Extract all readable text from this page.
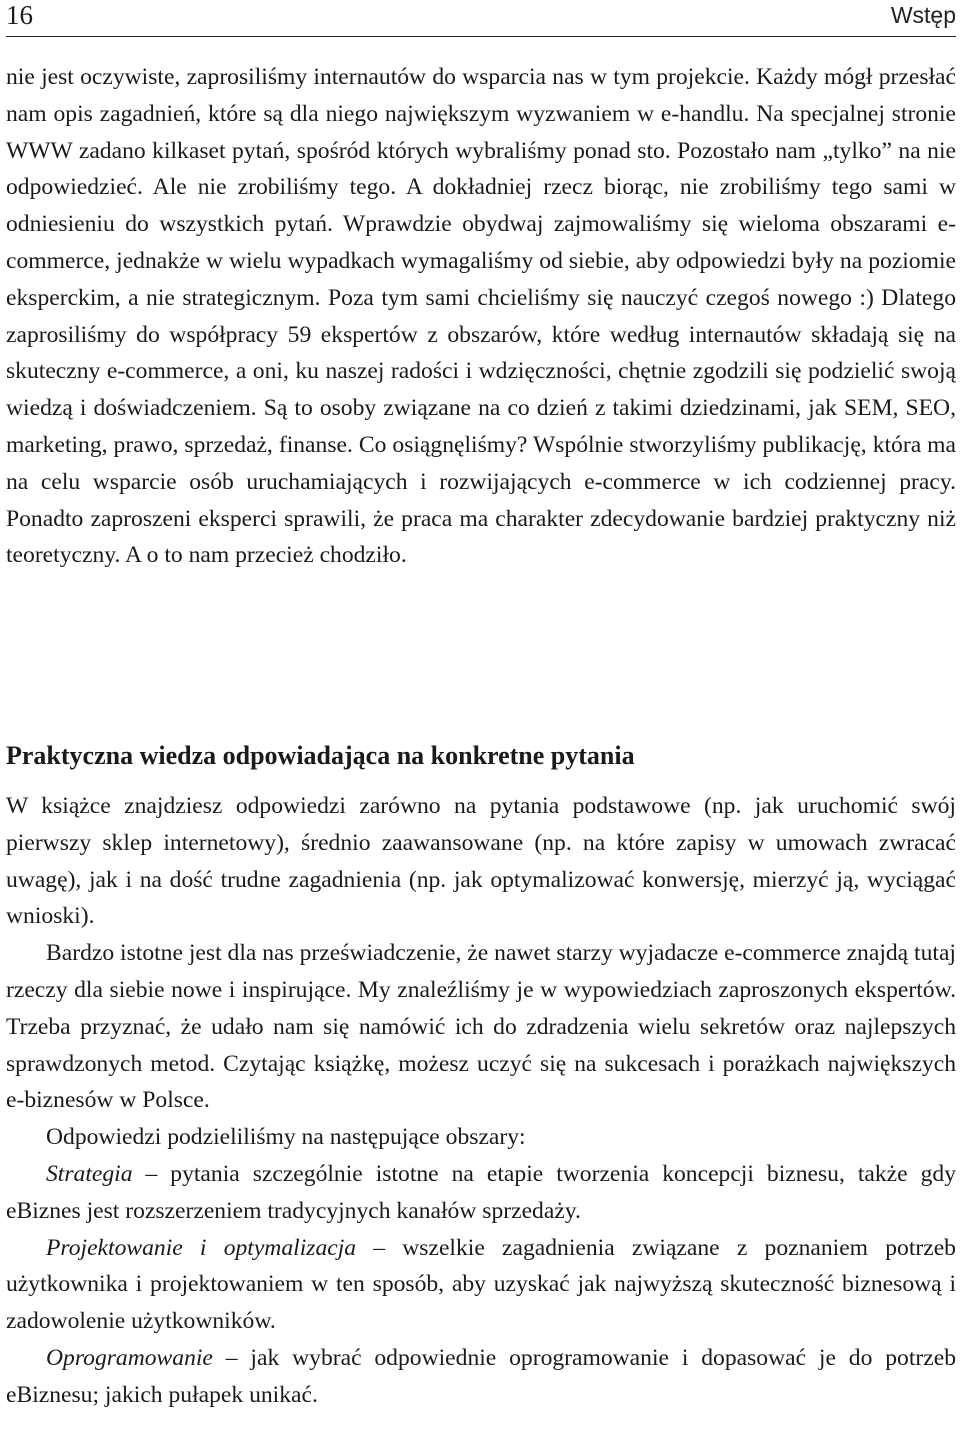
16	Wstęp

nie jest oczywiste, zaprosiliśmy internautów do wsparcia nas w tym projekcie. Każdy mógł przesłać nam opis zagadnień, które są dla niego największym wyzwaniem w e-handlu. Na specjalnej stronie WWW zadano kilkaset pytań, spośród których wybraliśmy ponad sto. Pozostało nam „tylko” na nie odpowiedzieć. Ale nie zrobiliśmy tego. A dokładniej rzecz biorąc, nie zrobiliśmy tego sami w odniesieniu do wszystkich pytań. Wprawdzie obydwaj zajmowaliśmy się wieloma obszarami e-commerce, jednakże w wielu wypadkach wymagaliśmy od siebie, aby odpowiedzi były na poziomie eksperckim, a nie strategicznym. Poza tym sami chcieliśmy się nauczyć czegoś nowego :) Dlatego zaprosiliśmy do współpracy 59 ekspertów z obszarów, które według internautów składają się na skuteczny e-commerce, a oni, ku naszej radości i wdzięczności, chętnie zgodzili się podzielić swoją wiedzą i doświadczeniem. Są to osoby związane na co dzień z takimi dziedzinami, jak SEM, SEO, marketing, prawo, sprzedaż, finanse. Co osiągnęliśmy? Wspólnie stworzyliśmy publikację, która ma na celu wsparcie osób uruchamiających i rozwijających e-commerce w ich codziennej pracy. Ponadto zaproszeni eksperci sprawili, że praca ma charakter zdecydowanie bardziej praktyczny niż teoretyczny. A o to nam przecież chodziło.

Praktyczna wiedza odpowiadająca na konkretne pytania

W książce znajdziesz odpowiedzi zarówno na pytania podstawowe (np. jak uruchomić swój pierwszy sklep internetowy), średnio zaawansowane (np. na które zapisy w umowach zwracać uwagę), jak i na dość trudne zagadnienia (np. jak optymalizować konwersję, mierzyć ją, wyciągać wnioski).

Bardzo istotne jest dla nas przeświadczenie, że nawet starzy wyjadacze e-commerce znajdą tutaj rzeczy dla siebie nowe i inspirujące. My znaleźliśmy je w wypowiedziach zaproszonych ekspertów. Trzeba przyznać, że udało nam się namówić ich do zdradzenia wielu sekretów oraz najlepszych sprawdzonych metod. Czytając książkę, możesz uczyć się na sukcesach i porażkach największych e-biznesów w Polsce.

Odpowiedzi podzieliliśmy na następujące obszary:

Strategia – pytania szczególnie istotne na etapie tworzenia koncepcji biznesu, także gdy eBiznes jest rozszerzeniem tradycyjnych kanałów sprzedaży.

Projektowanie i optymalizacja – wszelkie zagadnienia związane z poznaniem potrzeb użytkownika i projektowaniem w ten sposób, aby uzyskać jak najwyższą skuteczność biznesową i zadowolenie użytkowników.

Oprogramowanie – jak wybrać odpowiednie oprogramowanie i dopasować je do potrzeb eBiznesu; jakich pułapek unikać.
